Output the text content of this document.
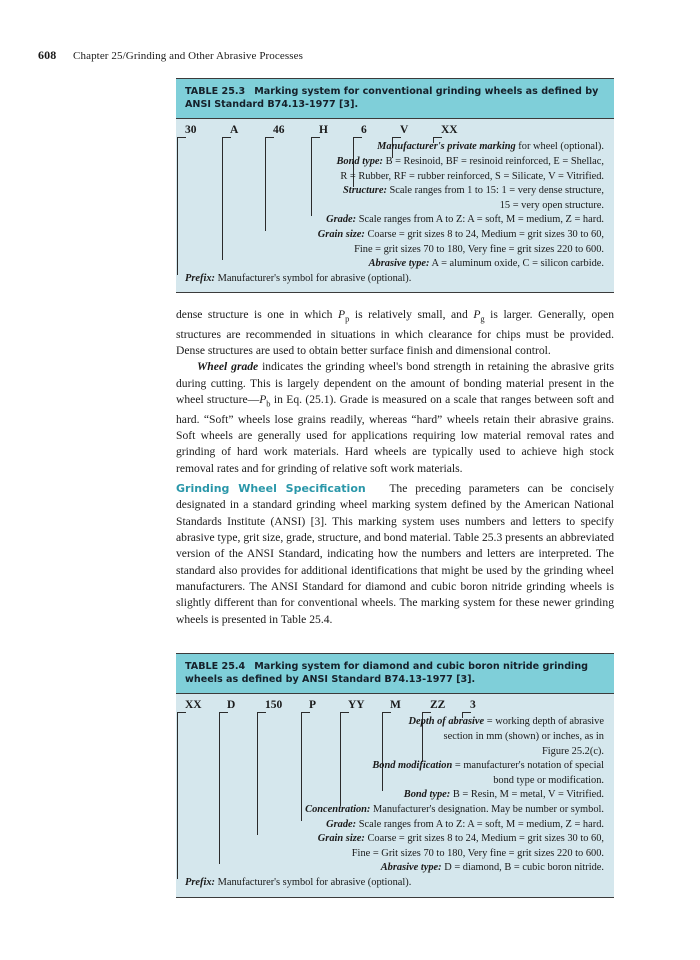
608 Chapter 25/Grinding and Other Abrasive Processes
TABLE 25.3 Marking system for conventional grinding wheels as defined by ANSI Standard B74.13-1977 [3].
30	A	46	H	6	V	XX
Manufacturer's private marking for wheel (optional).
Bond type: B = Resinoid, BF = resinoid reinforced, E = Shellac,
R = Rubber, RF = rubber reinforced, S = Silicate, V = Vitrified.
Structure: Scale ranges from 1 to 15: 1 = very dense structure,
15 = very open structure.
Grade: Scale ranges from A to Z: A = soft, M = medium, Z = hard.
Grain size: Coarse = grit sizes 8 to 24, Medium = grit sizes 30 to 60,
Fine = grit sizes 70 to 180, Very fine = grit sizes 220 to 600.
Abrasive type: A = aluminum oxide, C = silicon carbide.
Prefix: Manufacturer's symbol for abrasive (optional).

dense structure is one in which $P_p$ is relatively small, and $P_g$ is larger. Generally, open structures are recommended in situations in which clearance for chips must be provided. Dense structures are used to obtain better surface finish and dimensional control.

Wheel grade indicates the grinding wheel's bond strength in retaining the abrasive grits during cutting. This is largely dependent on the amount of bonding material present in the wheel $structure—P_b$ in Eq. (25.1). Grade is measured on a scale that ranges between soft and hard. “Soft” wheels lose grains readily, whereas “hard” wheels retain their abrasive grains. Soft wheels are generally used for applications requiring low material removal rates and grinding of hard work materials. Hard wheels are typically used to achieve high stock removal rates and for grinding of relative soft work materials.

Grinding Wheel Specification The preceding parameters can be concisely designated in a standard grinding wheel marking system defined by the American National Standards Institute (ANSI) [3]. This marking system uses numbers and letters to specify abrasive type, grit size, grade, structure, and bond material. Table 25.3 presents an abbreviated version of the ANSI Standard, indicating how the numbers and letters are interpreted. The standard also provides for additional identifications that might be used by the grinding wheel manufacturers. The ANSI Standard for diamond and cubic boron nitride grinding wheels is slightly different than for conventional wheels. The marking system for these newer grinding wheels is presented in Table 25.4.

TABLE 25.4 Marking system for diamond and cubic boron nitride grinding wheels as defined by ANSI Standard B74.13-1977 [3].
XX D	150 P	YY M	ZZ 3
Depth of abrasive = working depth of abrasive
section in mm (shown) or inches, as in
Figure 25.2(c).
Bond modification = manufacturer's notation of special
bond type or modification.
Bond type: B = Resin, M = metal, V = Vitrified.
Concentration: Manufacturer's designation. May be number or symbol.
Grade: Scale ranges from A to Z: A = soft, M = medium, Z = hard.
Grain size: Coarse = grit sizes 8 to 24, Medium = grit sizes 30 to 60,
Fine = Grit sizes 70 to 180, Very fine = grit sizes 220 to 600.
Abrasive type: D = diamond, B = cubic boron nitride.
Prefix: Manufacturer's symbol for abrasive (optional).
